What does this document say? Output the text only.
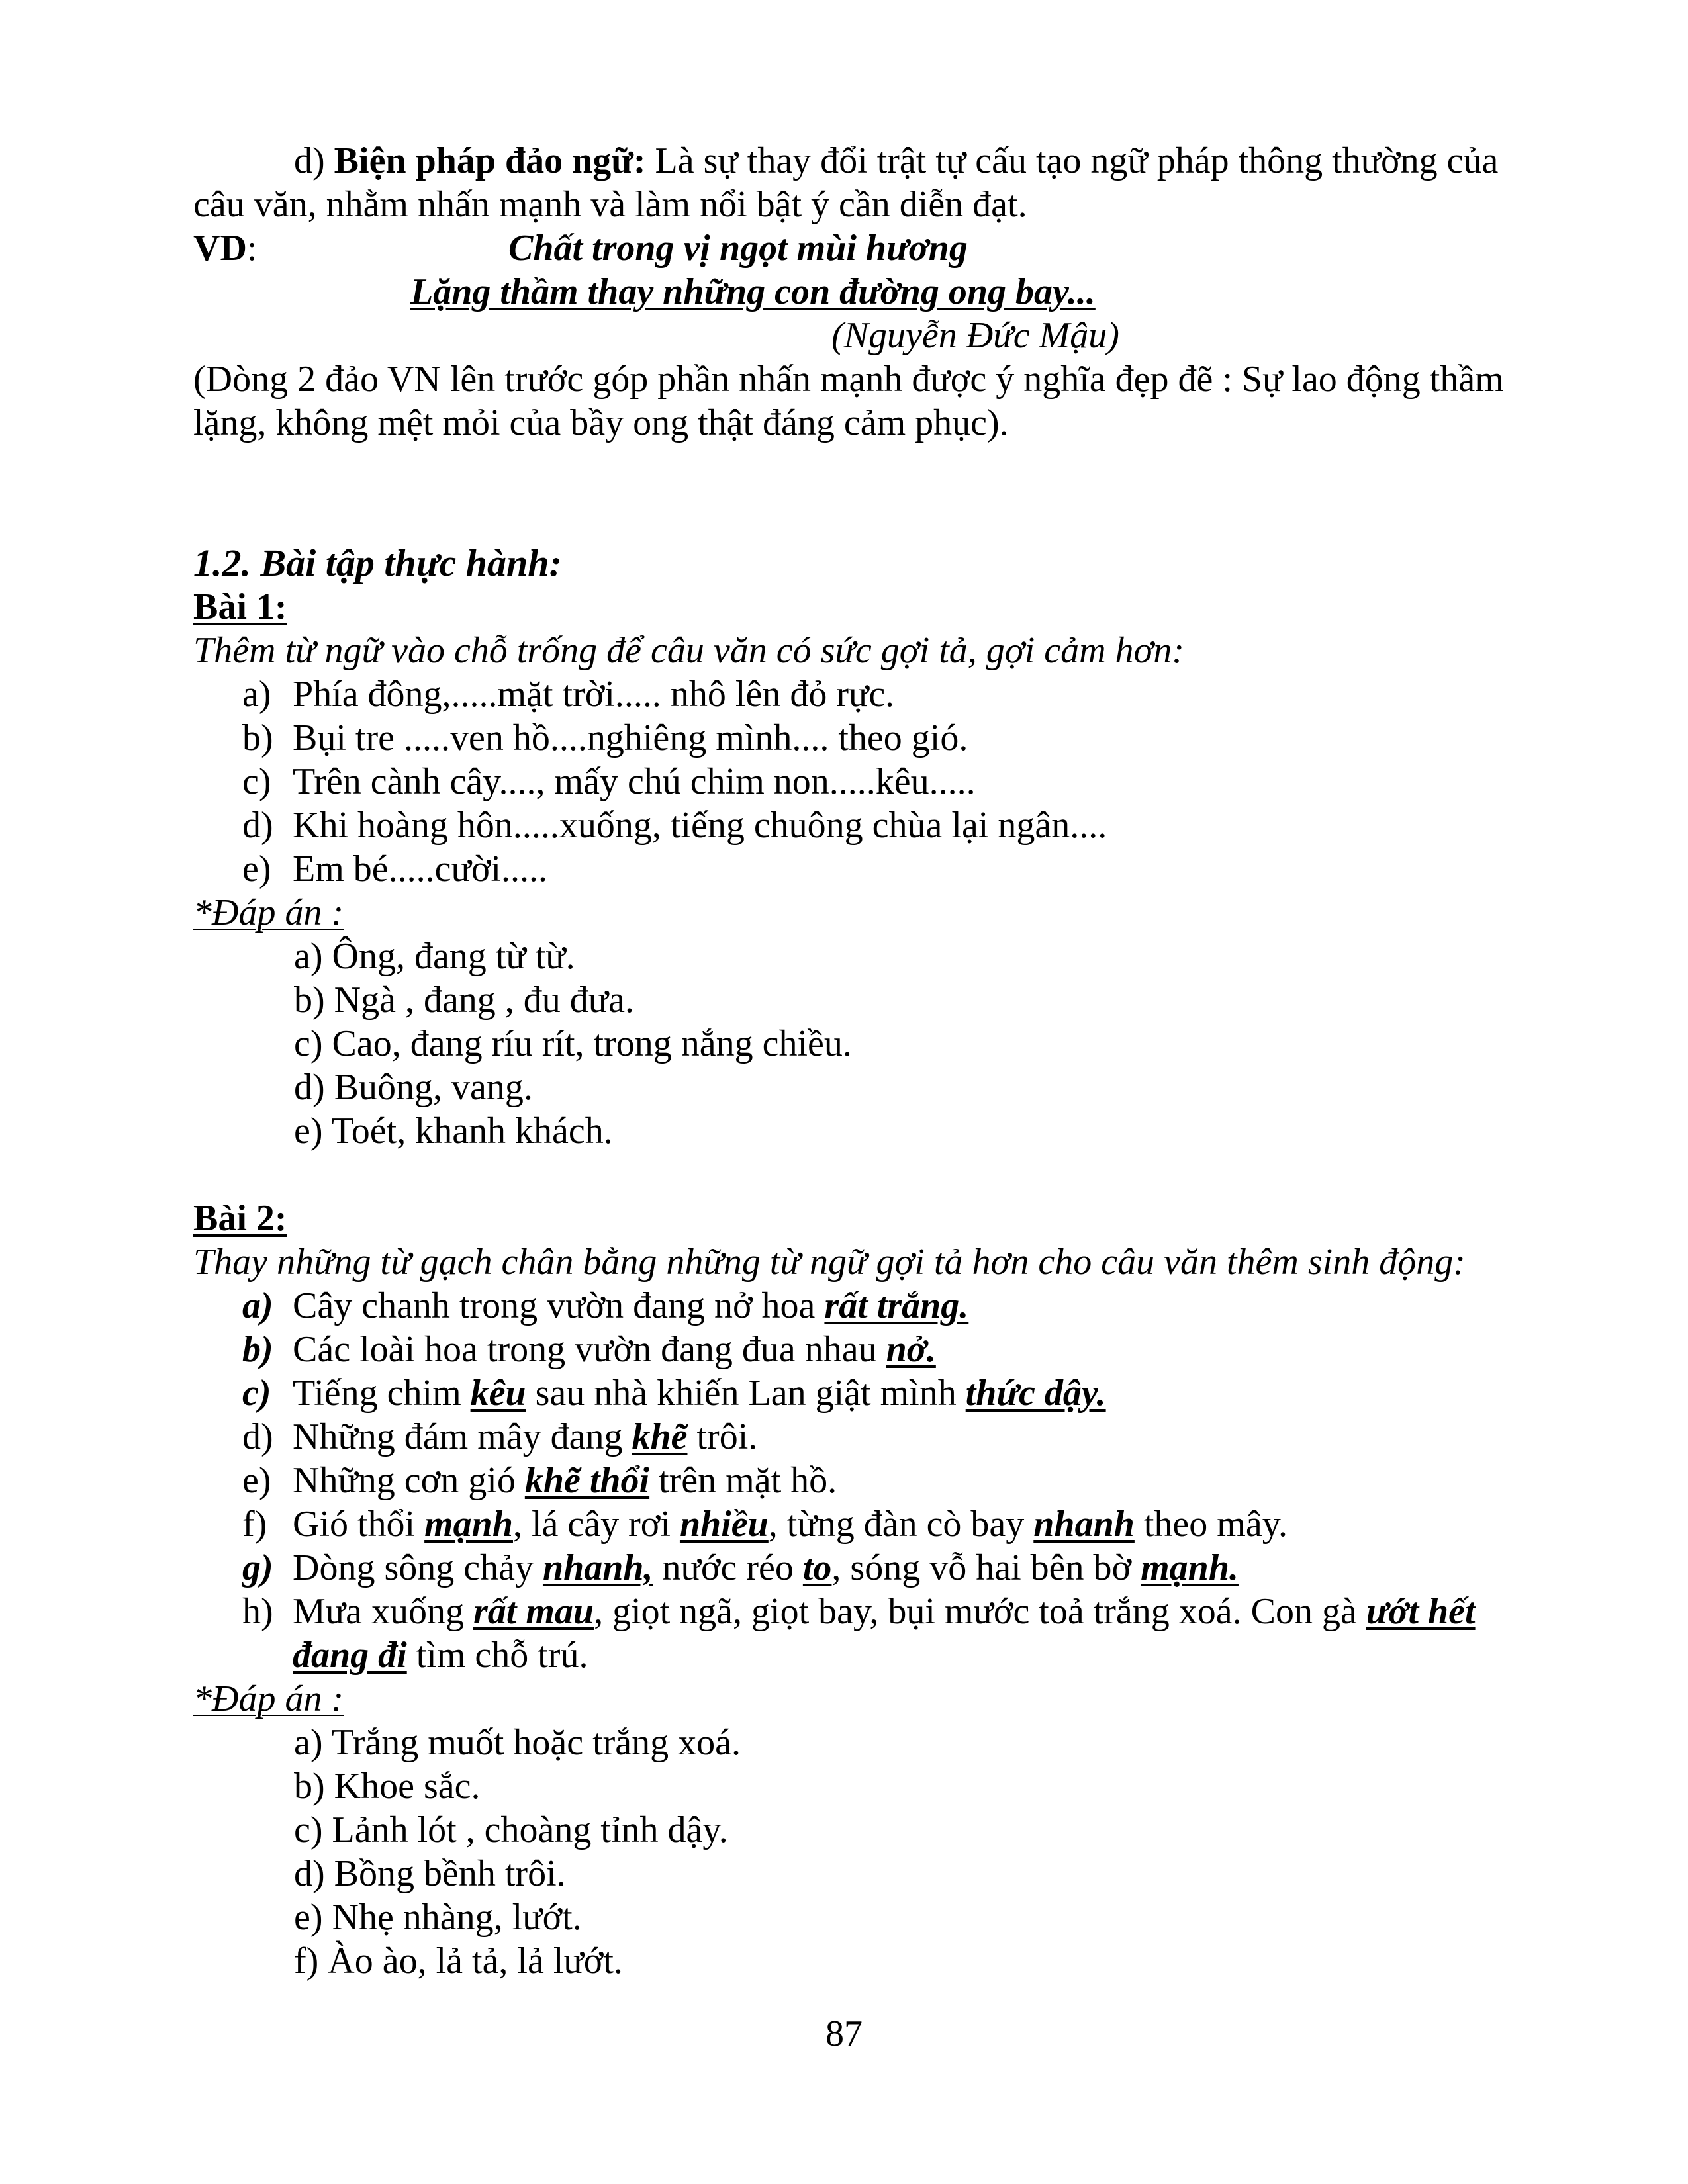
d) Biện pháp đảo ngữ: Là sự thay đổi trật tự cấu tạo ngữ pháp thông thường của
câu văn, nhằm nhấn mạnh và làm nổi bật ý cần diễn đạt.
VD:	Chất trong vị ngọt mùi hương
Lặng thầm thay những con đường ong bay...
(Nguyễn Đức Mậu)
(Dòng 2 đảo VN lên trước góp phần nhấn mạnh được ý nghĩa đẹp đẽ : Sự lao động thầm
lặng, không mệt mỏi của bầy ong thật đáng cảm phục).
1.2. Bài tập thực hành:
Bài 1:
Thêm từ ngữ vào chỗ trống để câu văn có sức gợi tả, gợi cảm hơn:
a) Phía đông,.....mặt trời..... nhô lên đỏ rực.
b) Bụi tre .....ven hồ....nghiêng mình.... theo gió.
c) Trên cành cây...., mấy chú chim non.....kêu.....
d) Khi hoàng hôn.....xuống, tiếng chuông chùa lại ngân....
e) Em bé.....cười.....
*Đáp án :
a) Ông, đang từ từ.
b) Ngà , đang , đu đưa.
c) Cao, đang ríu rít, trong nắng chiều.
d) Buông, vang.
e) Toét, khanh khách.
Bài 2:
Thay những từ gạch chân bằng những từ ngữ gợi tả hơn cho câu văn thêm sinh động:
a) Cây chanh trong vườn đang nở hoa rất trắng.
b) Các loài hoa trong vườn đang đua nhau nở.
c) Tiếng chim kêu sau nhà khiến Lan giật mình thức dậy.
d) Những đám mây đang khẽ trôi.
e) Những cơn gió khẽ thổi trên mặt hồ.
f) Gió thổi mạnh, lá cây rơi nhiều, từng đàn cò bay nhanh theo mây.
g) Dòng sông chảy nhanh, nước réo to, sóng vỗ hai bên bờ mạnh.
h) Mưa xuống rất mau, giọt ngã, giọt bay, bụi mước toả trắng xoá. Con gà ướt hết
đang đi tìm chỗ trú.
*Đáp án :
a) Trắng muốt hoặc trắng xoá.
b) Khoe sắc.
c) Lảnh lót , choàng tỉnh dậy.
d) Bồng bềnh trôi.
e) Nhẹ nhàng, lướt.
f) Ào ào, lả tả, lả lướt.
87
